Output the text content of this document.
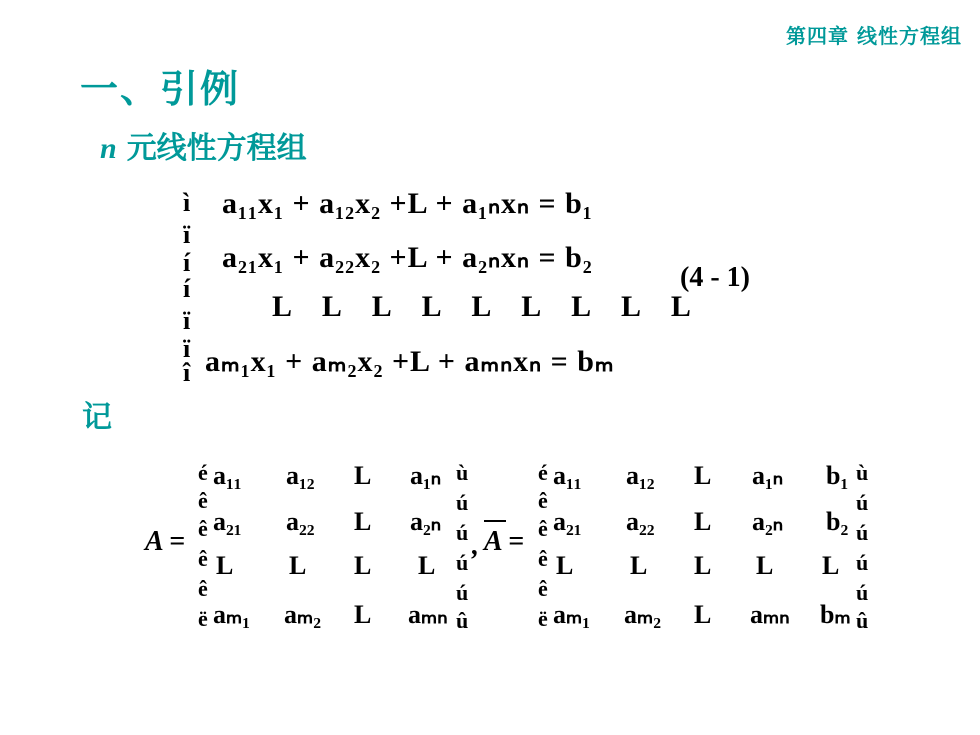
第四章 线性方程组
一、引例
n 元线性方程组
ì
ï
í
í
ï
ï
î
a₁₁x₁ + a₁₂x₂ +L + a₁ₙxₙ = b₁
a₂₁x₁ + a₂₂x₂ +L + a₂ₙxₙ = b₂
L L L L L L L L L
aₘ₁x₁ + aₘ₂x₂ +L + aₘₙxₙ = bₘ
(4 - 1)
记
A =
é
ê
ê
ê
ê
ë
a₁₁ a₁₂ L a₁ₙ
a₂₁ a₂₂ L a₂ₙ
L L L L
aₘ₁ aₘ₂ L aₘₙ
ù
ú
ú
ú
ú
û
, A =
é
ê
ê
ê
ê
ë
a₁₁ a₁₂ L a₁ₙ b₁
a₂₁ a₂₂ L a₂ₙ b₂
L L L L L
aₘ₁ aₘ₂ L aₘₙ bₘ
ù
ú
ú
ú
ú
û
